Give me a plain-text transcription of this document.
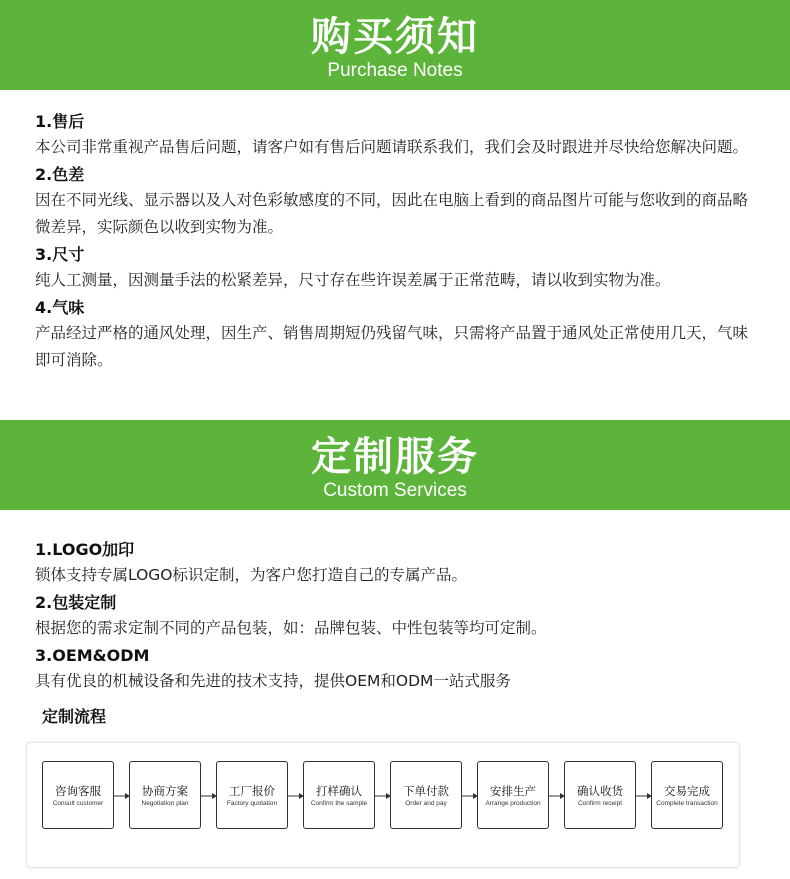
购买须知
Purchase Notes
1.售后
本公司非常重视产品售后问题，请客户如有售后问题请联系我们，我们会及时跟进并尽快给您解决问题。
2.色差
因在不同光线、显示器以及人对色彩敏感度的不同，因此在电脑上看到的商品图片可能与您收到的商品略微差异，实际颜色以收到实物为准。
3.尺寸
纯人工测量，因测量手法的松紧差异，尺寸存在些许误差属于正常范畴，请以收到实物为准。
4.气味
产品经过严格的通风处理，因生产、销售周期短仍残留气味，只需将产品置于通风处正常使用几天，气味即可消除。
定制服务
Custom Services
1.LOGO加印
锁体支持专属LOGO标识定制，为客户您打造自己的专属产品。
2.包装定制
根据您的需求定制不同的产品包装，如：品牌包装、中性包装等均可定制。
3.OEM&ODM
具有优良的机械设备和先进的技术支持，提供OEM和ODM一站式服务
定制流程
咨询客服
Consult customer
协商方案
Negotiation plan
工厂报价
Factory quotation
打样确认
Confirm the sample
下单付款
Order and pay
安排生产
Arrange production
确认收货
Confirm receipt
交易完成
Complete transaction
